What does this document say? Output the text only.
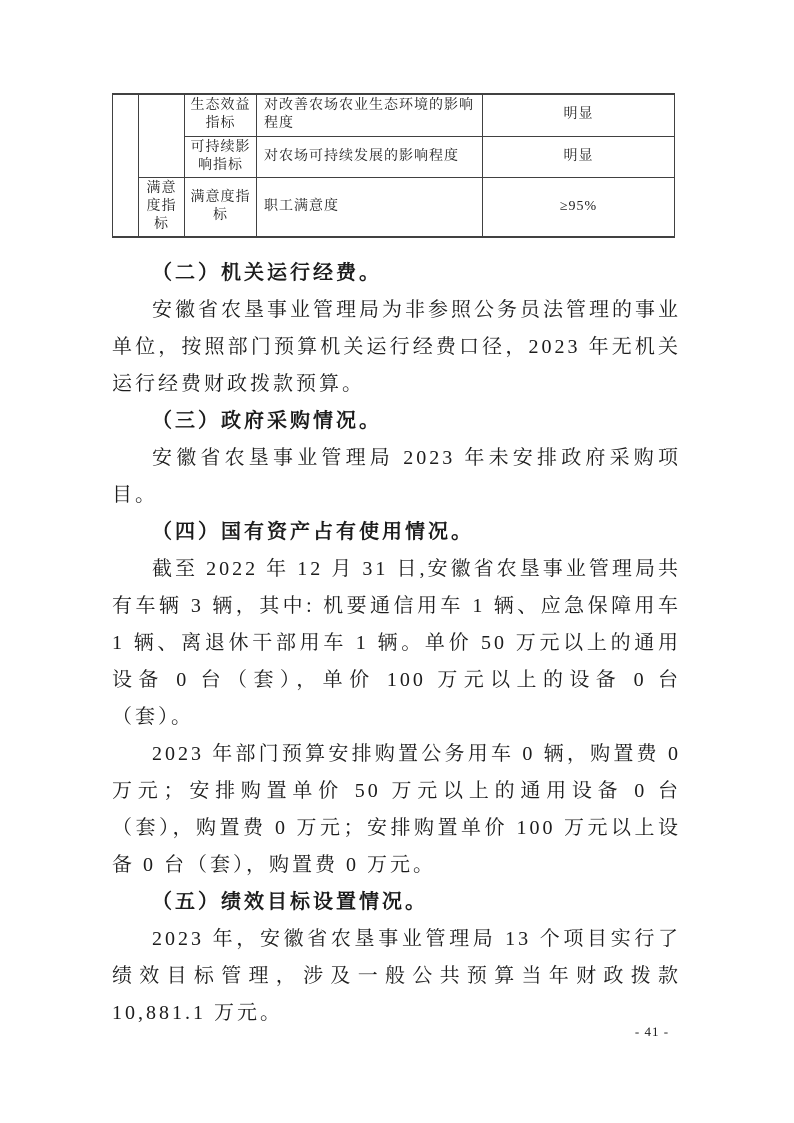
		生态效益指标	对改善农场农业生态环境的影响程度	明显
		可持续影响指标	对农场可持续发展的影响程度	明显
	满意度指标	满意度指标	职工满意度	≥95%
（二）机关运行经费。

安徽省农垦事业管理局为非参照公务员法管理的事业单位，按照部门预算机关运行经费口径，2023 年无机关运行经费财政拨款预算。

（三）政府采购情况。

安徽省农垦事业管理局 2023 年未安排政府采购项目。

（四）国有资产占有使用情况。

截至 2022 年 12 月 31 日,安徽省农垦事业管理局共有车辆 3 辆，其中: 机要通信用车 1 辆、应急保障用车 1 辆、离退休干部用车 1 辆。单价 50 万元以上的通用设备 0 台（套），单价 100 万元以上的设备 0 台（套）。

2023 年部门预算安排购置公务用车 0 辆，购置费 0 万元；安排购置单价 50 万元以上的通用设备 0 台（套），购置费 0 万元；安排购置单价 100 万元以上设备 0 台（套），购置费 0 万元。

（五）绩效目标设置情况。

2023 年，安徽省农垦事业管理局 13 个项目实行了绩效目标管理，涉及一般公共预算当年财政拨款 10,881.1 万元。

- 41 -
